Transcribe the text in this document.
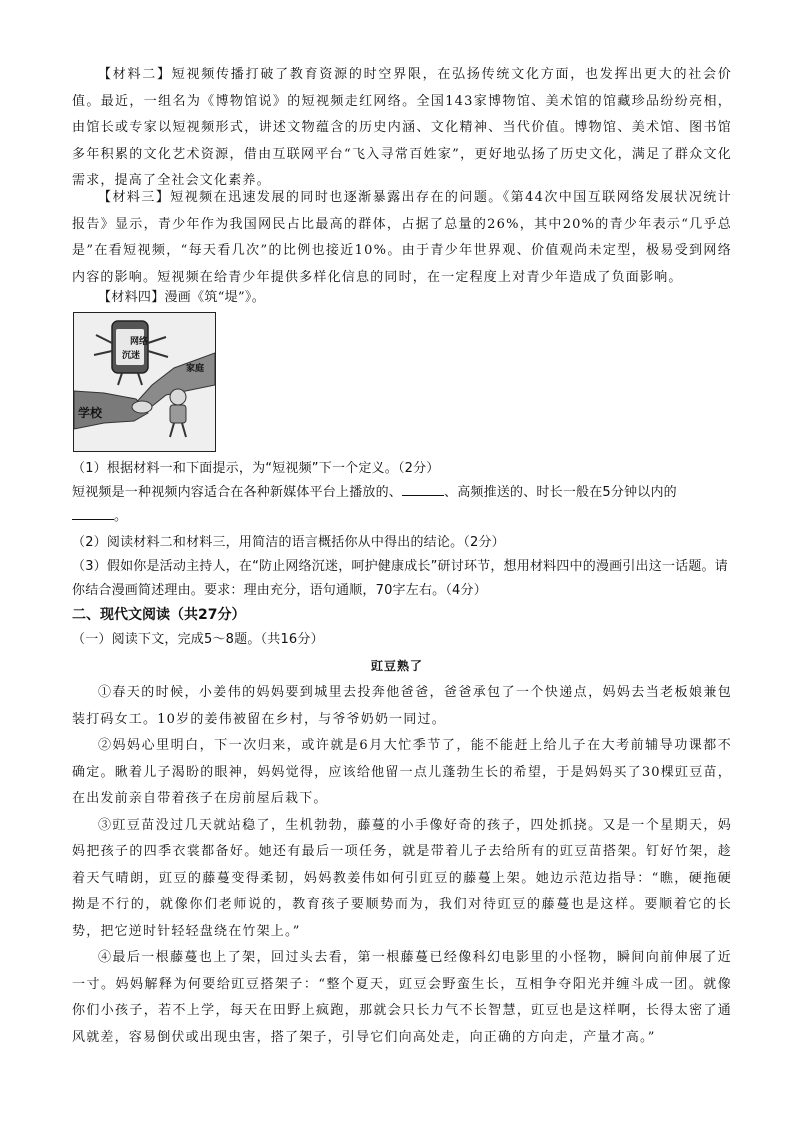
【材料二】短视频传播打破了教育资源的时空界限，在弘扬传统文化方面，也发挥出更大的社会价值。最近，一组名为《博物馆说》的短视频走红网络。全国143家博物馆、美术馆的馆藏珍品纷纷亮相，由馆长或专家以短视频形式，讲述文物蕴含的历史内涵、文化精神、当代价值。博物馆、美术馆、图书馆多年积累的文化艺术资源，借由互联网平台“飞入寻常百姓家”，更好地弘扬了历史文化，满足了群众文化需求，提高了全社会文化素养。

【材料三】短视频在迅速发展的同时也逐渐暴露出存在的问题。《第44次中国互联网络发展状况统计报告》显示，青少年作为我国网民占比最高的群体，占据了总量的26%，其中20%的青少年表示“几乎总是”在看短视频，“每天看几次”的比例也接近10%。由于青少年世界观、价值观尚未定型，极易受到网络内容的影响。短视频在给青少年提供多样化信息的同时，在一定程度上对青少年造成了负面影响。

【材料四】漫画《筑“堤”》。

网络
沉迷
家庭
学校

（1）根据材料一和下面提示，为“短视频”下一个定义。（2分）

短视频是一种视频内容适合在各种新媒体平台上播放的、	、高频推送的、时长一般在5分钟以内的

。

（2）阅读材料二和材料三，用简洁的语言概括你从中得出的结论。（2分）

（3）假如你是活动主持人，在“防止网络沉迷，呵护健康成长”研讨环节，想用材料四中的漫画引出这一话题。请你结合漫画简述理由。要求：理由充分，语句通顺，70字左右。（4分）

二、现代文阅读（共27分）

（一）阅读下文，完成5～8题。（共16分）

豇豆熟了

①春天的时候，小姜伟的妈妈要到城里去投奔他爸爸，爸爸承包了一个快递点，妈妈去当老板娘兼包装打码女工。10岁的姜伟被留在乡村，与爷爷奶奶一同过。

②妈妈心里明白，下一次归来，或许就是6月大忙季节了，能不能赶上给儿子在大考前辅导功课都不确定。瞅着儿子渴盼的眼神，妈妈觉得，应该给他留一点儿蓬勃生长的希望，于是妈妈买了30棵豇豆苗，在出发前亲自带着孩子在房前屋后栽下。

③豇豆苗没过几天就站稳了，生机勃勃，藤蔓的小手像好奇的孩子，四处抓挠。又是一个星期天，妈妈把孩子的四季衣裳都备好。她还有最后一项任务，就是带着儿子去给所有的豇豆苗搭架。钉好竹架，趁着天气晴朗，豇豆的藤蔓变得柔韧，妈妈教姜伟如何引豇豆的藤蔓上架。她边示范边指导：“瞧，硬拖硬拗是不行的，就像你们老师说的，教育孩子要顺势而为，我们对待豇豆的藤蔓也是这样。要顺着它的长势，把它逆时针轻轻盘绕在竹架上。”

④最后一根藤蔓也上了架，回过头去看，第一根藤蔓已经像科幻电影里的小怪物，瞬间向前伸展了近一寸。妈妈解释为何要给豇豆搭架子：“整个夏天，豇豆会野蛮生长，互相争夺阳光并缠斗成一团。就像你们小孩子，若不上学，每天在田野上疯跑，那就会只长力气不长智慧，豇豆也是这样啊，长得太密了通风就差，容易倒伏或出现虫害，搭了架子，引导它们向高处走，向正确的方向走，产量才高。”
